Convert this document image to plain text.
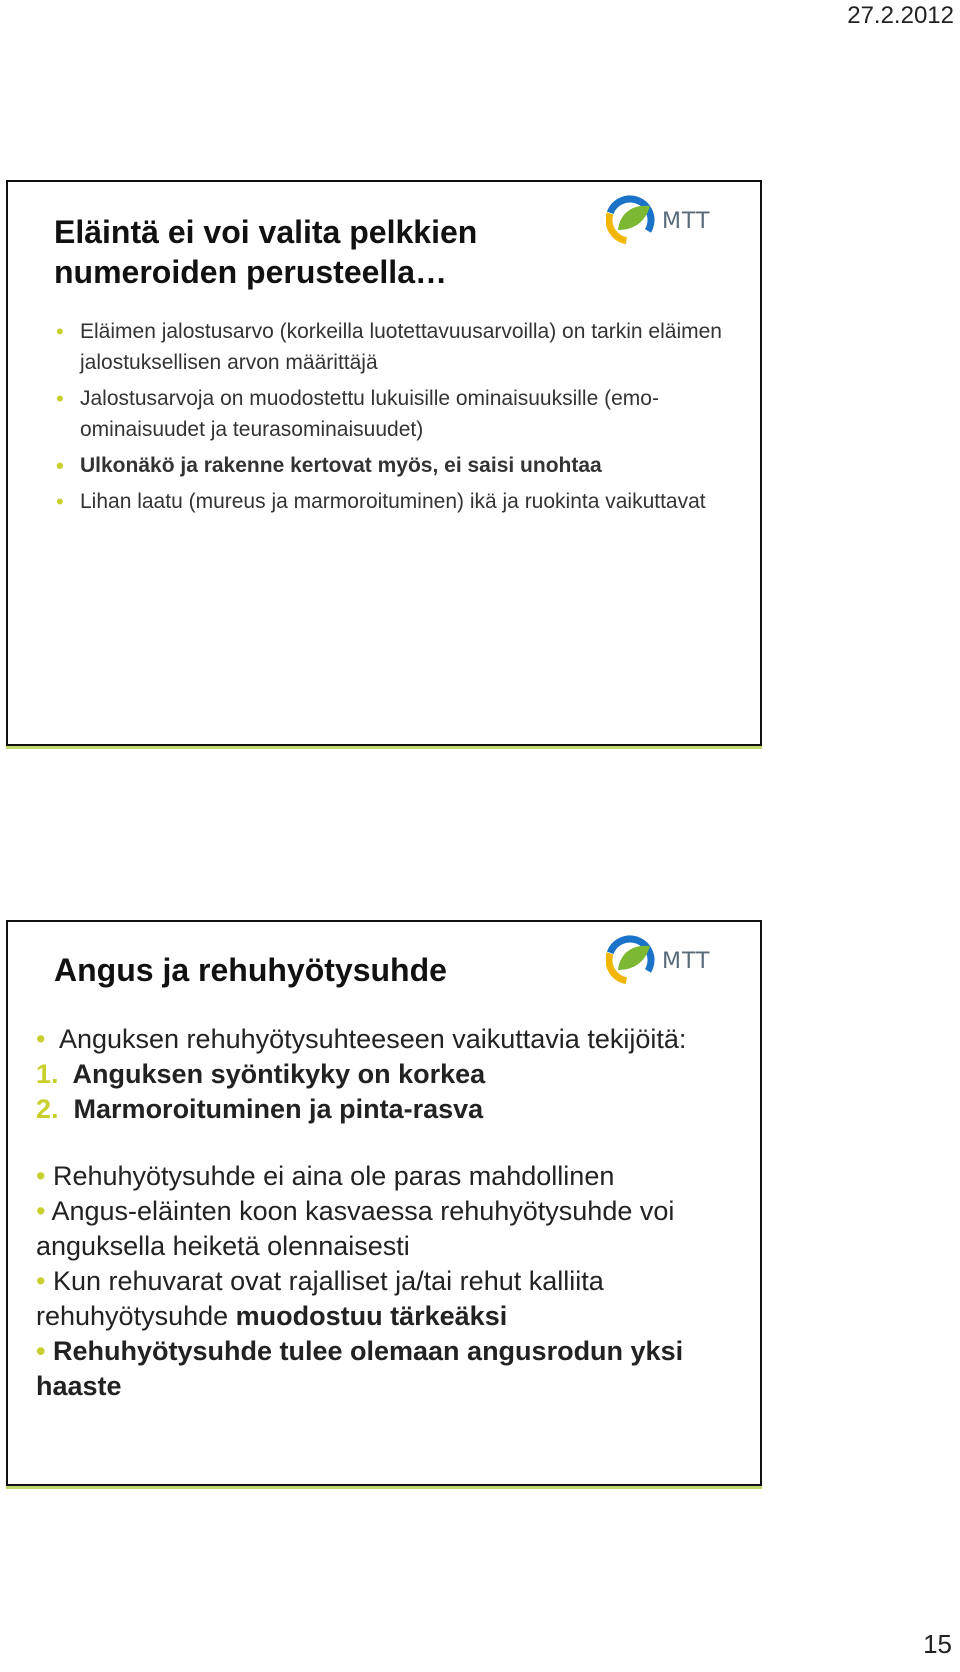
27.2.2012
MTT
Eläintä ei voi valita pelkkien
numeroiden perusteella…
• Eläimen jalostusarvo (korkeilla luotettavuusarvoilla) on tarkin eläimen jalostuksellisen arvon määrittäjä
• Jalostusarvoja on muodostettu lukuisille ominaisuuksille (emo-ominaisuudet ja teurasominaisuudet)
• Ulkonäkö ja rakenne kertovat myös, ei saisi unohtaa
• Lihan laatu (mureus ja marmoroituminen) ikä ja ruokinta vaikuttavat
MTT
Angus ja rehuhyötysuhde

• Anguksen rehuhyötysuhteeseen vaikuttavia tekijöitä:

1. Anguksen syöntikyky on korkea

2. Marmoroituminen ja pinta-rasva

• Rehuhyötysuhde ei aina ole paras mahdollinen

• Angus-eläinten koon kasvaessa rehuhyötysuhde voi anguksella heiketä olennaisesti

• Kun rehuvarat ovat rajalliset ja/tai rehut kalliita rehuhyötysuhde muodostuu tärkeäksi

• Rehuhyötysuhde tulee olemaan angusrodun yksi haaste

15
